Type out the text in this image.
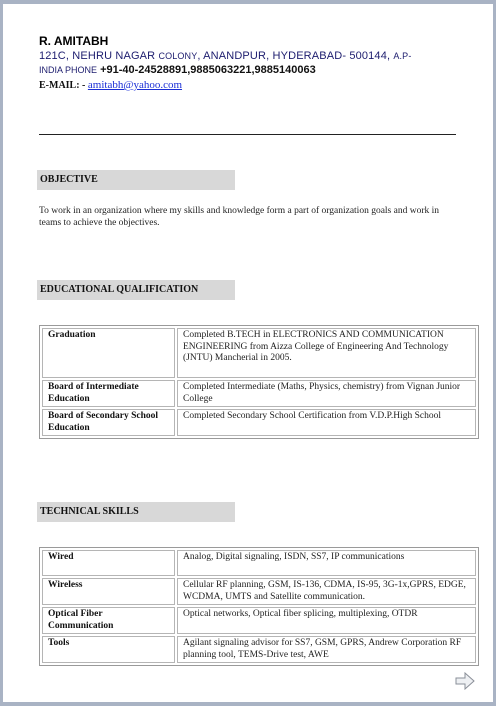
R. AMITABH
121C, NEHRU NAGAR COLONY, ANANDPUR, HYDERABAD- 500144, A.P-
INDIA PHONE +91-40-24528891,9885063221,9885140063
E-MAIL: - amitabh@yahoo.com
OBJECTIVE
To work in an organization where my skills and knowledge form a part of organization goals and work in teams to achieve the objectives.
EDUCATIONAL QUALIFICATION
Graduation	Completed B.TECH in ELECTRONICS AND COMMUNICATION ENGINEERING from Aizza College of Engineering And Technology (JNTU) Mancherial in 2005.
Board of Intermediate Education	Completed Intermediate (Maths, Physics, chemistry) from Vignan Junior College
Board of Secondary School Education	Completed Secondary School Certification from V.D.P.High School
TECHNICAL SKILLS
Wired	Analog, Digital signaling, ISDN, SS7, IP communications
Wireless	Cellular RF planning, GSM, IS-136, CDMA, IS-95, 3G-1x,GPRS, EDGE, WCDMA, UMTS and Satellite communication.
Optical Fiber Communication	Optical networks, Optical fiber splicing, multiplexing, OTDR
Tools	Agilant signaling advisor for SS7, GSM, GPRS, Andrew Corporation RF planning tool, TEMS-Drive test, AWE
